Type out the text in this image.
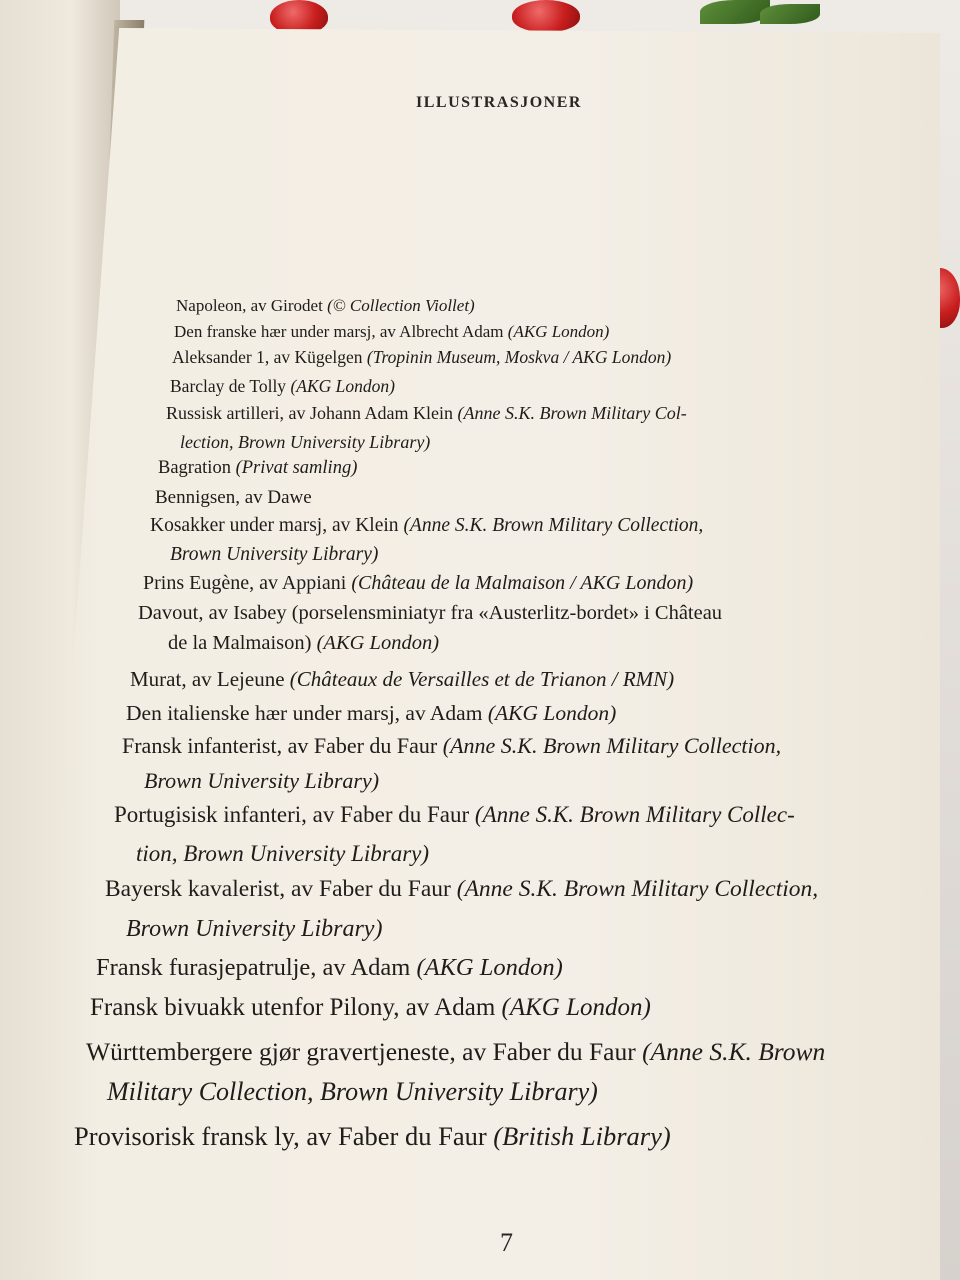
ILLUSTRASJONER
Napoleon, av Girodet (© Collection Viollet)
Den franske hær under marsj, av Albrecht Adam (AKG London)
Aleksander 1, av Kügelgen (Tropinin Museum, Moskva / AKG London)
Barclay de Tolly (AKG London)
Russisk artilleri, av Johann Adam Klein (Anne S.K. Brown Military Col-
lection, Brown University Library)
Bagration (Privat samling)
Bennigsen, av Dawe
Kosakker under marsj, av Klein (Anne S.K. Brown Military Collection,
Brown University Library)
Prins Eugène, av Appiani (Château de la Malmaison / AKG London)
Davout, av Isabey (porselensminiatyr fra «Austerlitz-bordet» i Château
de la Malmaison) (AKG London)
Murat, av Lejeune (Châteaux de Versailles et de Trianon / RMN)
Den italienske hær under marsj, av Adam (AKG London)
Fransk infanterist, av Faber du Faur (Anne S.K. Brown Military Collection,
Brown University Library)
Portugisisk infanteri, av Faber du Faur (Anne S.K. Brown Military Collec-
tion, Brown University Library)
Bayersk kavalerist, av Faber du Faur (Anne S.K. Brown Military Collection,
Brown University Library)
Fransk furasjepatrulje, av Adam (AKG London)
Fransk bivuakk utenfor Pilony, av Adam (AKG London)
Württembergere gjør gravertjeneste, av Faber du Faur (Anne S.K. Brown
Military Collection, Brown University Library)
Provisorisk fransk ly, av Faber du Faur (British Library)
7
